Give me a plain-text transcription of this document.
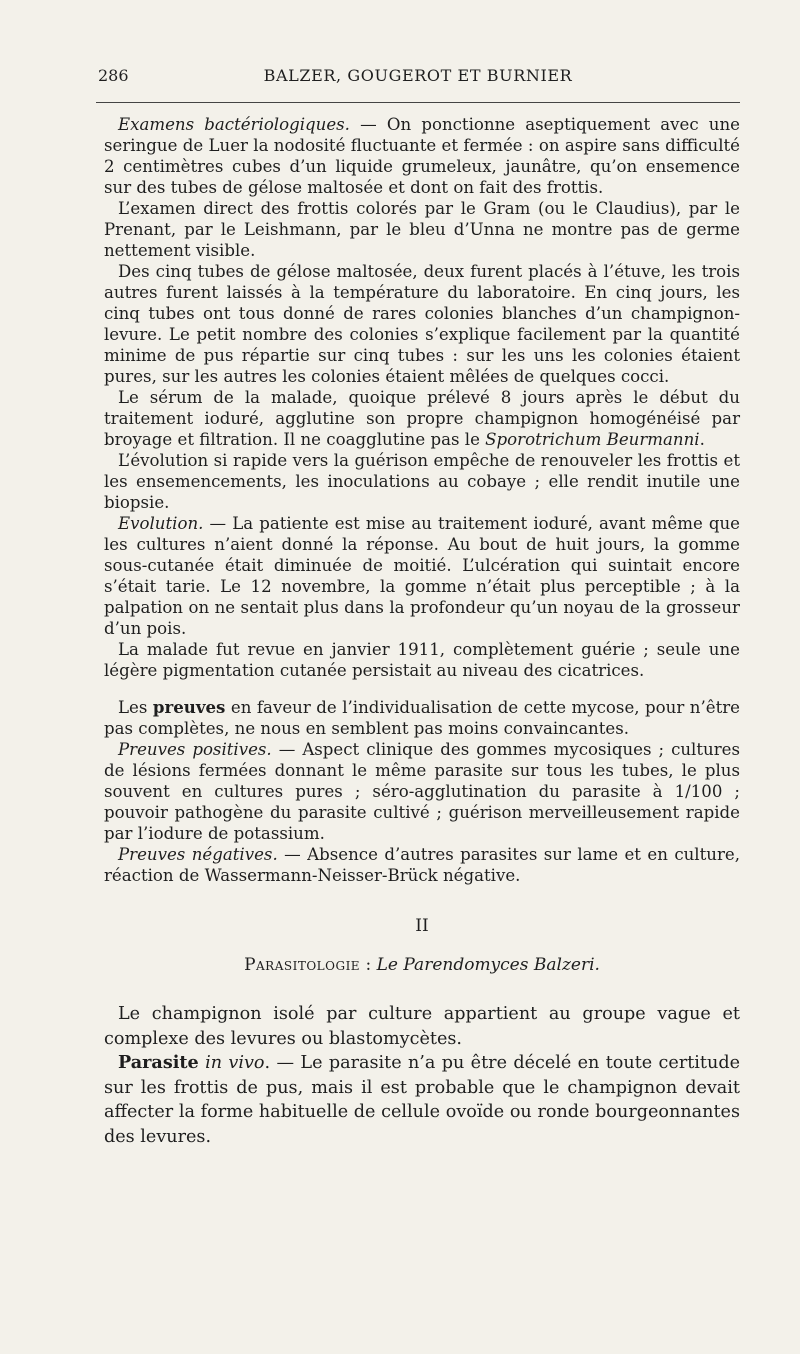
286	BALZER, GOUGEROT ET BURNIER

Examens bactériologiques. — On ponctionne aseptiquement avec une seringue de Luer la nodosité fluctuante et fermée : on aspire sans difficulté 2 centimètres cubes d’un liquide grumeleux, jaunâtre, qu’on ensemence sur des tubes de gélose maltosée et dont on fait des frottis.

L’examen direct des frottis colorés par le Gram (ou le Claudius), par le Prenant, par le Leishmann, par le bleu d’Unna ne montre pas de germe nettement visible.

Des cinq tubes de gélose maltosée, deux furent placés à l’étuve, les trois autres furent laissés à la température du laboratoire. En cinq jours, les cinq tubes ont tous donné de rares colonies blanches d’un champignon-levure. Le petit nombre des colonies s’explique facilement par la quantité minime de pus répartie sur cinq tubes : sur les uns les colonies étaient pures, sur les autres les colonies étaient mêlées de quelques cocci.

Le sérum de la malade, quoique prélevé 8 jours après le début du traitement ioduré, agglutine son propre champignon homogénéisé par broyage et filtration. Il ne coagglutine pas le Sporotrichum Beurmanni.

L’évolution si rapide vers la guérison empêche de renouveler les frottis et les ensemencements, les inoculations au cobaye ; elle rendit inutile une biopsie.

Evolution. — La patiente est mise au traitement ioduré, avant même que les cultures n’aient donné la réponse. Au bout de huit jours, la gomme sous-cutanée était diminuée de moitié. L’ulcération qui suintait encore s’était tarie. Le 12 novembre, la gomme n’était plus perceptible ; à la palpation on ne sentait plus dans la profondeur qu’un noyau de la grosseur d’un pois.

La malade fut revue en janvier 1911, complètement guérie ; seule une légère pigmentation cutanée persistait au niveau des cicatrices.

Les preuves en faveur de l’individualisation de cette mycose, pour n’être pas complètes, ne nous en semblent pas moins convaincantes.

Preuves positives. — Aspect clinique des gommes mycosiques ; cultures de lésions fermées donnant le même parasite sur tous les tubes, le plus souvent en cultures pures ; séro-agglutination du parasite à 1/100 ; pouvoir pathogène du parasite cultivé ; guérison merveilleusement rapide par l’iodure de potassium.

Preuves négatives. — Absence d’autres parasites sur lame et en culture, réaction de Wassermann-Neisser-Brück négative.

II

Parasitologie : Le Parendomyces Balzeri.

Le champignon isolé par culture appartient au groupe vague et complexe des levures ou blastomycètes.

Parasite in vivo. — Le parasite n’a pu être décelé en toute certitude sur les frottis de pus, mais il est probable que le champignon devait affecter la forme habituelle de cellule ovoïde ou ronde bourgeonnantes des levures.
